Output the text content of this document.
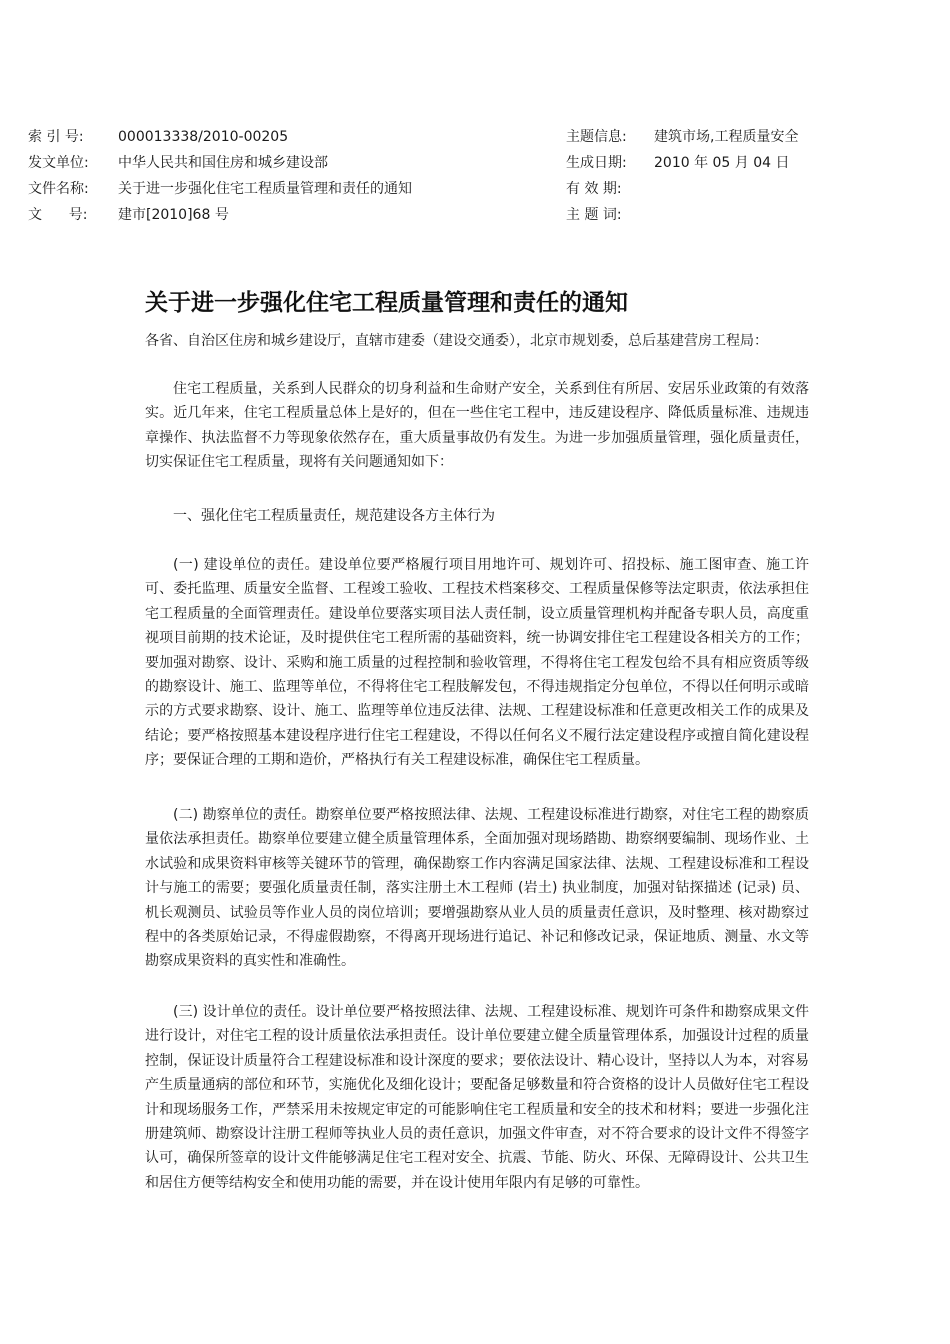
索 引 号:	000013338/2010-00205
发文单位:	中华人民共和国住房和城乡建设部
文件名称:	关于进一步强化住宅工程质量管理和责任的通知
文      号:	建市[2010]68 号
主题信息:	建筑市场,工程质量安全
生成日期:	2010 年 05 月 04 日
有 效 期:
主 题 词:
关于进一步强化住宅工程质量管理和责任的通知
各省、自治区住房和城乡建设厅，直辖市建委（建设交通委），北京市规划委，总后基建营房工程局：

住宅工程质量，关系到人民群众的切身利益和生命财产安全，关系到住有所居、安居乐业政策的有效落实。近几年来，住宅工程质量总体上是好的，但在一些住宅工程中，违反建设程序、降低质量标准、违规违章操作、执法监督不力等现象依然存在，重大质量事故仍有发生。为进一步加强质量管理，强化质量责任，切实保证住宅工程质量，现将有关问题通知如下：

一、强化住宅工程质量责任，规范建设各方主体行为

(一) 建设单位的责任。建设单位要严格履行项目用地许可、规划许可、招投标、施工图审查、施工许可、委托监理、质量安全监督、工程竣工验收、工程技术档案移交、工程质量保修等法定职责，依法承担住宅工程质量的全面管理责任。建设单位要落实项目法人责任制，设立质量管理机构并配备专职人员，高度重视项目前期的技术论证，及时提供住宅工程所需的基础资料，统一协调安排住宅工程建设各相关方的工作；要加强对勘察、设计、采购和施工质量的过程控制和验收管理，不得将住宅工程发包给不具有相应资质等级的勘察设计、施工、监理等单位，不得将住宅工程肢解发包，不得违规指定分包单位，不得以任何明示或暗示的方式要求勘察、设计、施工、监理等单位违反法律、法规、工程建设标准和任意更改相关工作的成果及结论；要严格按照基本建设程序进行住宅工程建设，不得以任何名义不履行法定建设程序或擅自简化建设程序；要保证合理的工期和造价，严格执行有关工程建设标准，确保住宅工程质量。

(二) 勘察单位的责任。勘察单位要严格按照法律、法规、工程建设标准进行勘察，对住宅工程的勘察质量依法承担责任。勘察单位要建立健全质量管理体系，全面加强对现场踏勘、勘察纲要编制、现场作业、土水试验和成果资料审核等关键环节的管理，确保勘察工作内容满足国家法律、法规、工程建设标准和工程设计与施工的需要；要强化质量责任制，落实注册土木工程师 (岩土) 执业制度，加强对钻探描述 (记录) 员、机长观测员、试验员等作业人员的岗位培训；要增强勘察从业人员的质量责任意识，及时整理、核对勘察过程中的各类原始记录，不得虚假勘察，不得离开现场进行追记、补记和修改记录，保证地质、测量、水文等勘察成果资料的真实性和准确性。

(三) 设计单位的责任。设计单位要严格按照法律、法规、工程建设标准、规划许可条件和勘察成果文件进行设计，对住宅工程的设计质量依法承担责任。设计单位要建立健全质量管理体系，加强设计过程的质量控制，保证设计质量符合工程建设标准和设计深度的要求；要依法设计、精心设计，坚持以人为本，对容易产生质量通病的部位和环节，实施优化及细化设计；要配备足够数量和符合资格的设计人员做好住宅工程设计和现场服务工作，严禁采用未按规定审定的可能影响住宅工程质量和安全的技术和材料；要进一步强化注册建筑师、勘察设计注册工程师等执业人员的责任意识，加强文件审查，对不符合要求的设计文件不得签字认可，确保所签章的设计文件能够满足住宅工程对安全、抗震、节能、防火、环保、无障碍设计、公共卫生和居住方便等结构安全和使用功能的需要，并在设计使用年限内有足够的可靠性。
